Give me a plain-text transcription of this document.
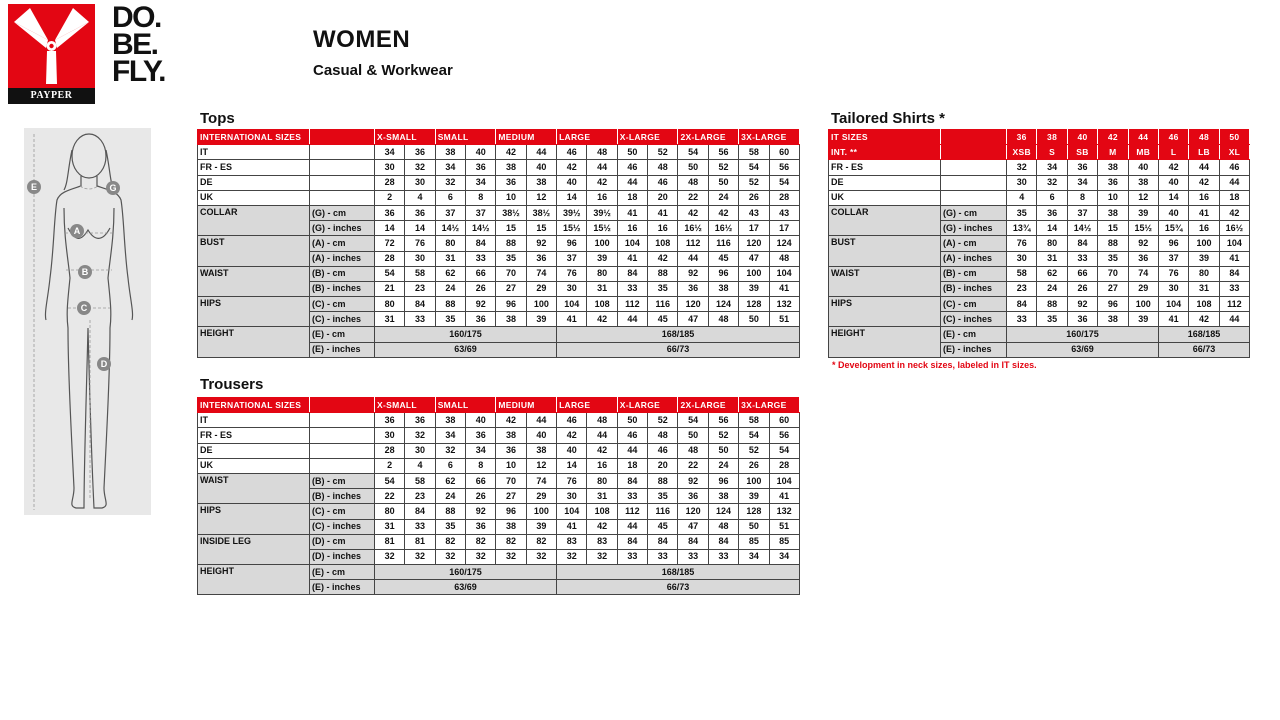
PAYPER
DO.
BE.
FLY.
WOMEN
Casual & Workwear
E	G
A
B
C
D
Tops
INTERNATIONAL SIZES		X-SMALL		SMALL		MEDIUM		LARGE		X-LARGE		2X-LARGE		3X-LARGE	
IT		34	36	38	40	42	44	46	48	50	52	54	56	58	60
FR - ES		30	32	34	36	38	40	42	44	46	48	50	52	54	56
DE		28	30	32	34	36	38	40	42	44	46	48	50	52	54
UK		2	4	6	8	10	12	14	16	18	20	22	24	26	28
COLLAR	(G) - cm	36	36	37	37	38½	38½	39½	39½	41	41	42	42	43	43
	(G) - inches	14	14	14½	14½	15	15	15½	15½	16	16	16½	16½	17	17
BUST	(A) - cm	72	76	80	84	88	92	96	100	104	108	112	116	120	124
	(A) - inches	28	30	31	33	35	36	37	39	41	42	44	45	47	48
WAIST	(B) - cm	54	58	62	66	70	74	76	80	84	88	92	96	100	104
	(B) - inches	21	23	24	26	27	29	30	31	33	35	36	38	39	41
HIPS	(C) - cm	80	84	88	92	96	100	104	108	112	116	120	124	128	132
	(C) - inches	31	33	35	36	38	39	41	42	44	45	47	48	50	51
HEIGHT	(E) - cm	160/175						168/185							
	(E) - inches	63/69						66/73							
Trousers
INTERNATIONAL SIZES		X-SMALL		SMALL		MEDIUM		LARGE		X-LARGE		2X-LARGE		3X-LARGE	
IT		36	36	38	40	42	44	46	48	50	52	54	56	58	60
FR - ES		30	32	34	36	38	40	42	44	46	48	50	52	54	56
DE		28	30	32	34	36	38	40	42	44	46	48	50	52	54
UK		2	4	6	8	10	12	14	16	18	20	22	24	26	28
WAIST	(B) - cm	54	58	62	66	70	74	76	80	84	88	92	96	100	104
	(B) - inches	22	23	24	26	27	29	30	31	33	35	36	38	39	41
HIPS	(C) - cm	80	84	88	92	96	100	104	108	112	116	120	124	128	132
	(C) - inches	31	33	35	36	38	39	41	42	44	45	47	48	50	51
INSIDE LEG	(D) - cm	81	81	82	82	82	82	83	83	84	84	84	84	85	85
	(D) - inches	32	32	32	32	32	32	32	32	33	33	33	33	34	34
HEIGHT	(E) - cm	160/175						168/185							
	(E) - inches	63/69						66/73							
Tailored Shirts *
IT SIZES		36	38	40	42	44	46	48	50
INT. **		XSB	S	SB	M	MB	L	LB	XL
FR - ES		32	34	36	38	40	42	44	46
DE		30	32	34	36	38	40	42	44
UK		4	6	8	10	12	14	16	18
COLLAR	(G) - cm	35	36	37	38	39	40	41	42
	(G) - inches	13¾	14	14½	15	15½	15¾	16	16½
BUST	(A) - cm	76	80	84	88	92	96	100	104
	(A) - inches	30	31	33	35	36	37	39	41
WAIST	(B) - cm	58	62	66	70	74	76	80	84
	(B) - inches	23	24	26	27	29	30	31	33
HIPS	(C) - cm	84	88	92	96	100	104	108	112
	(C) - inches	33	35	36	38	39	41	42	44
HEIGHT	(E) - cm	160/175					168/185		
	(E) - inches	63/69					66/73		
* Development in neck sizes, labeled in IT sizes.
